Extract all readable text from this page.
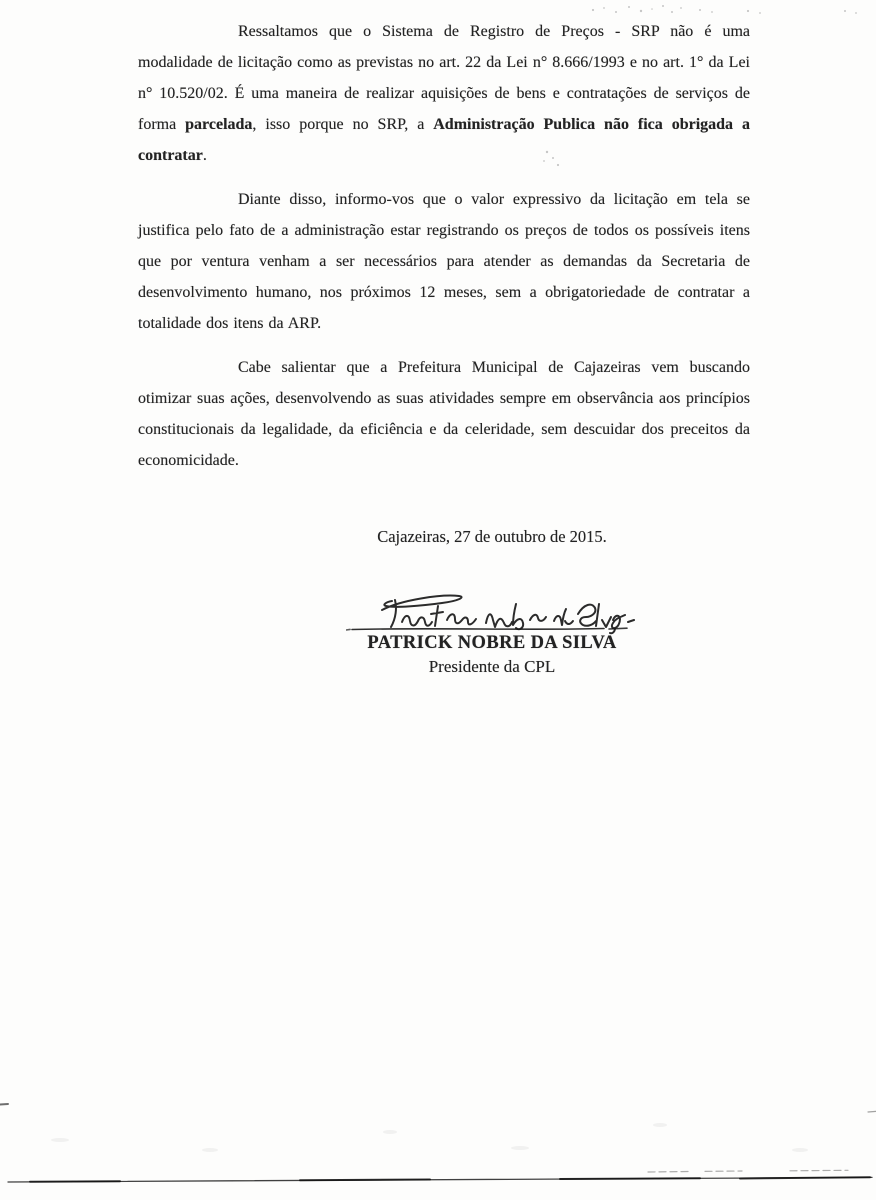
Ressaltamos que o Sistema de Registro de Preços - SRP não é uma modalidade de licitação como as previstas no art. 22 da Lei n° 8.666/1993 e no art. 1° da Lei n° 10.520/02. É uma maneira de realizar aquisições de bens e contratações de serviços de forma parcelada, isso porque no SRP, a Administração Publica não fica obrigada a contratar.

Diante disso, informo-vos que o valor expressivo da licitação em tela se justifica pelo fato de a administração estar registrando os preços de todos os possíveis itens que por ventura venham a ser necessários para atender as demandas da Secretaria de desenvolvimento humano, nos próximos 12 meses, sem a obrigatoriedade de contratar a totalidade dos itens da ARP.

Cabe salientar que a Prefeitura Municipal de Cajazeiras vem buscando otimizar suas ações, desenvolvendo as suas atividades sempre em observância aos princípios constitucionais da legalidade, da eficiência e da celeridade, sem descuidar dos preceitos da economicidade.

Cajazeiras, 27 de outubro de 2015.
PATRICK NOBRE DA SILVA
Presidente da CPL
